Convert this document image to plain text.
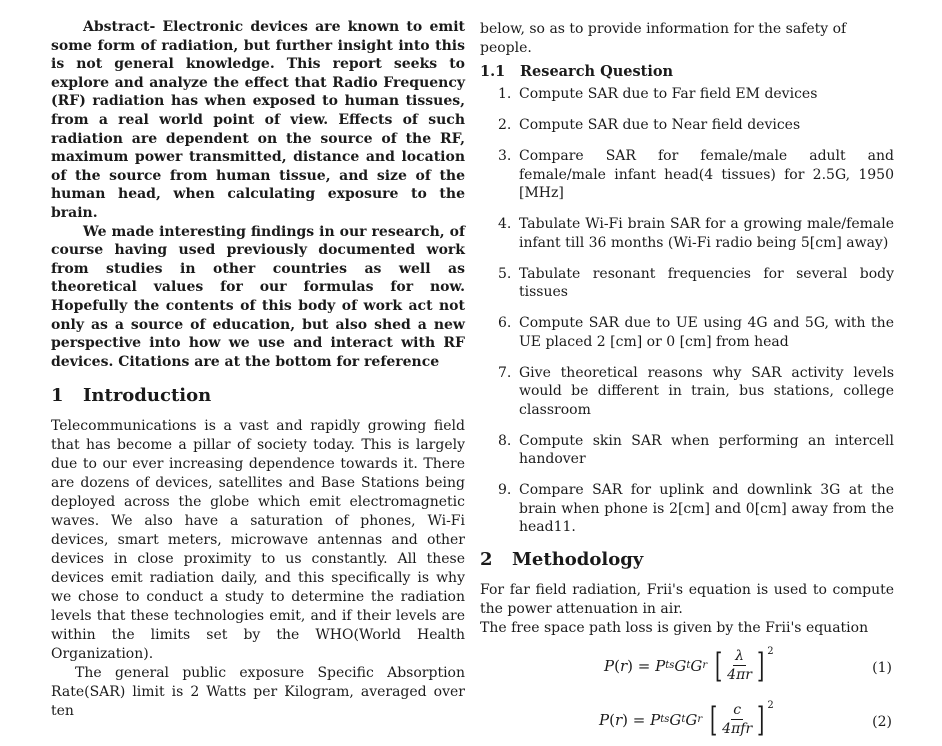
Abstract- Electronic devices are known to emit some form of radiation, but further insight into this is not general knowledge. This report seeks to explore and analyze the effect that Radio Frequency (RF) radiation has when exposed to human tissues, from a real world point of view. Effects of such radiation are dependent on the source of the RF, maximum power transmitted, distance and location of the source from human tissue, and size of the human head, when calculating exposure to the brain.

We made interesting findings in our research, of course having used previously documented work from studies in other countries as well as theoretical values for our formulas for now. Hopefully the contents of this body of work act not only as a source of education, but also shed a new perspective into how we use and interact with RF devices. Citations are at the bottom for reference

1 Introduction

Telecommunications is a vast and rapidly growing field that has become a pillar of society today. This is largely due to our ever increasing dependence towards it. There are dozens of devices, satellites and Base Stations being deployed across the globe which emit electromagnetic waves. We also have a saturation of phones, Wi-Fi devices, smart meters, microwave antennas and other devices in close proximity to us constantly. All these devices emit radiation daily, and this specifically is why we chose to conduct a study to determine the radiation levels that these technologies emit, and if their levels are within the limits set by the WHO(World Health Organization).

The general public exposure Specific Absorption Rate(SAR) limit is 2 Watts per Kilogram, averaged over ten

below, so as to provide information for the safety of people.

1.1 Research Question
1. Compute SAR due to Far field EM devices
2. Compute SAR due to Near field devices
3. Compare SAR for female/male adult and female/male infant head(4 tissues) for 2.5G, 1950 [MHz]
4. Tabulate Wi-Fi brain SAR for a growing male/female infant till 36 months (Wi-Fi radio being 5[cm] away)
5. Tabulate resonant frequencies for several body tissues
6. Compute SAR due to UE using 4G and 5G, with the UE placed 2 [cm] or 0 [cm] from head
7. Give theoretical reasons why SAR activity levels would be different in train, bus stations, college classroom
8. Compute skin SAR when performing an intercell handover
9. Compare SAR for uplink and downlink 3G at the brain when phone is 2[cm] and 0[cm] away from the head11.
2 Methodology

For far field radiation, Frii's equation is used to compute the power attenuation in air.

The free space path loss is given by the Frii's equation

P ( r ) = P ts G t G r
[ $\frac{\lambda}{4\pi r}$ ] $^2$
(1)
P ( r ) = P ts G t G r
[ $\frac{c}{\text{4πfr}}$ ] $^2$
(2)
